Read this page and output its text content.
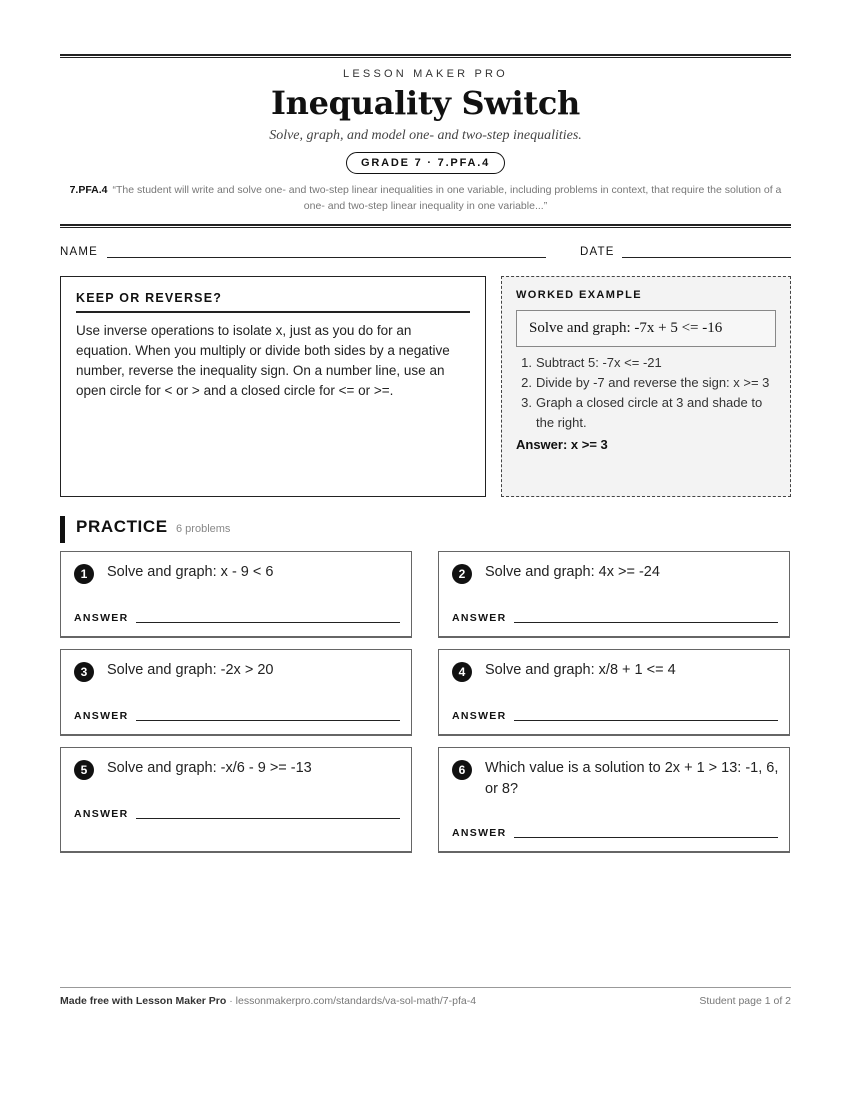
LESSON MAKER PRO
Inequality Switch
Solve, graph, and model one- and two-step inequalities.
GRADE 7 · 7.PFA.4
7.PFA.4 “The student will write and solve one- and two-step linear inequalities in one variable, including problems in context, that require the solution of a one- and two-step linear inequality in one variable...”
NAME	DATE
KEEP OR REVERSE?
Use inverse operations to isolate x, just as you do for an equation. When you multiply or divide both sides by a negative number, reverse the inequality sign. On a number line, use an open circle for < or > and a closed circle for <= or >=.
WORKED EXAMPLE
Solve and graph: -7x + 5 <= -16
1. Subtract 5: -7x <= -21
2. Divide by -7 and reverse the sign: x >= 3
3. Graph a closed circle at 3 and shade to the right.
Answer: x >= 3
PRACTICE 6 problems
1	Solve and graph: x - 9 < 6
ANSWER
2	Solve and graph: 4x >= -24
ANSWER
3	Solve and graph: -2x > 20
ANSWER
4	Solve and graph: x/8 + 1 <= 4
ANSWER
5	Solve and graph: -x/6 - 9 >= -13
ANSWER
6	Which value is a solution to 2x + 1 > 13: -1, 6, or 8?
ANSWER
Made free with Lesson Maker Pro · lessonmakerpro.com/standards/va-sol-math/7-pfa-4	Student page 1 of 2
